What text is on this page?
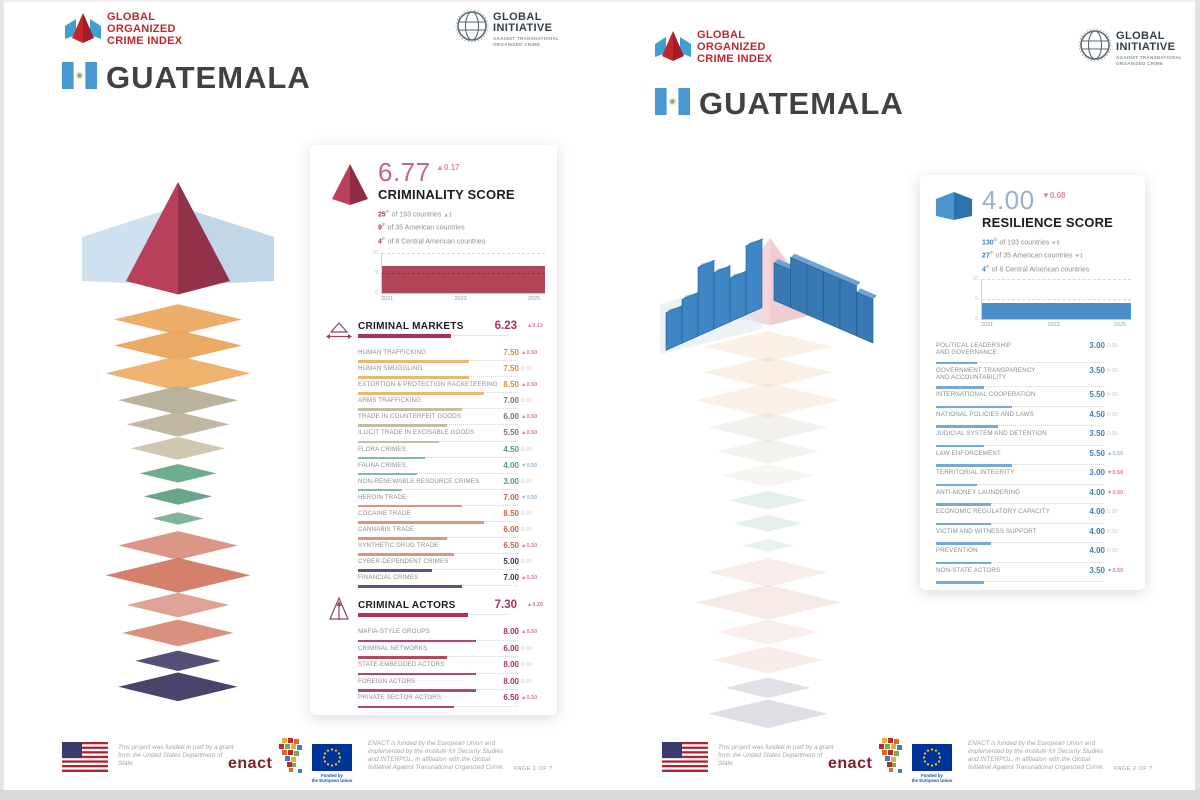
GLOBAL
ORGANIZED
CRIME INDEX
GLOBAL
INITIATIVE
AGAINST TRANSNATIONAL
ORGANIZED CRIME
GUATEMALA
6.77 ▲0.17
CRIMINALITY SCORE
25th of 193 countries ▲1
9th of 35 American countries
4th of 8 Central American countries
10
5
0
2021	2023	2025
CRIMINAL MARKETS	6.23 ▲0.13
HUMAN TRAFFICKING	7.50 ▲0.50
HUMAN SMUGGLING	7.50 0.00
EXTORTION & PROTECTION RACKETEERING 8.50 ▲0.50
ARMS TRAFFICKING	7.00 0.00
TRADE IN COUNTERFEIT GOODS	6.00 ▲0.50
ILLICIT TRADE IN EXCISABLE GOODS	5.50 ▲0.50
FLORA CRIMES	4.50 0.00
FAUNA CRIMES	4.00 ▼0.50
NON-RENEWABLE RESOURCE CRIMES	3.00 0.00
HEROIN TRADE	7.00 ▼0.50
COCAINE TRADE	8.50 0.00
CANNABIS TRADE	6.00 0.00
SYNTHETIC DRUG TRADE	6.50 ▲0.50
CYBER-DEPENDENT CRIMES	5.00 0.00
FINANCIAL CRIMES	7.00 ▲0.50
CRIMINAL ACTORS	7.30 ▲0.20
MAFIA-STYLE GROUPS	8.00 ▲0.50
CRIMINAL NETWORKS	6.00 0.00
STATE-EMBEDDED ACTORS	8.00 0.00
FOREIGN ACTORS	8.00 0.00
PRIVATE SECTOR ACTORS	6.50 ▲0.50
This project was funded in part by a grant from the United States Department of State	enact
Funded by
the European Union
ENACT is funded by the European Union and implemented by the Institute for Security Studies and INTERPOL, in affiliation with the Global Initiative Against Transnational Organized Crime.	PAGE 1 OF 7
GLOBAL
ORGANIZED
CRIME INDEX
GLOBAL
INITIATIVE
AGAINST TRANSNATIONAL
ORGANIZED CRIME
GUATEMALA
4.00 ▼0.08
RESILIENCE SCORE
130th of 193 countries ▼5
27th of 35 American countries ▼1
4th of 8 Central American countries
10
5
0
2021	2023	2025
POLITICAL LEADERSHIP
AND GOVERNANCE
3.00 0.00
GOVERNMENT TRANSPARENCY
AND ACCOUNTABILITY
3.50 0.00
INTERNATIONAL COOPERATION	5.50 0.00
NATIONAL POLICIES AND LAWS	4.50 0.00
JUDICIAL SYSTEM AND DETENTION	3.50 0.00
LAW ENFORCEMENT	5.50 ▲0.50
TERRITORIAL INTEGRITY	3.00 ▼0.50
ANTI-MONEY LAUNDERING	4.00 ▼0.50
ECONOMIC REGULATORY CAPACITY	4.00 0.00
VICTIM AND WITNESS SUPPORT	4.00 0.00
PREVENTION	4.00 0.00
NON-STATE ACTORS	3.50 ▼0.50
This project was funded in part by a grant from the United States Department of State	enact
Funded by
the European Union
ENACT is funded by the European Union and implemented by the Institute for Security Studies and INTERPOL, in affiliation with the Global Initiative Against Transnational Organized Crime.	PAGE 2 OF 7
